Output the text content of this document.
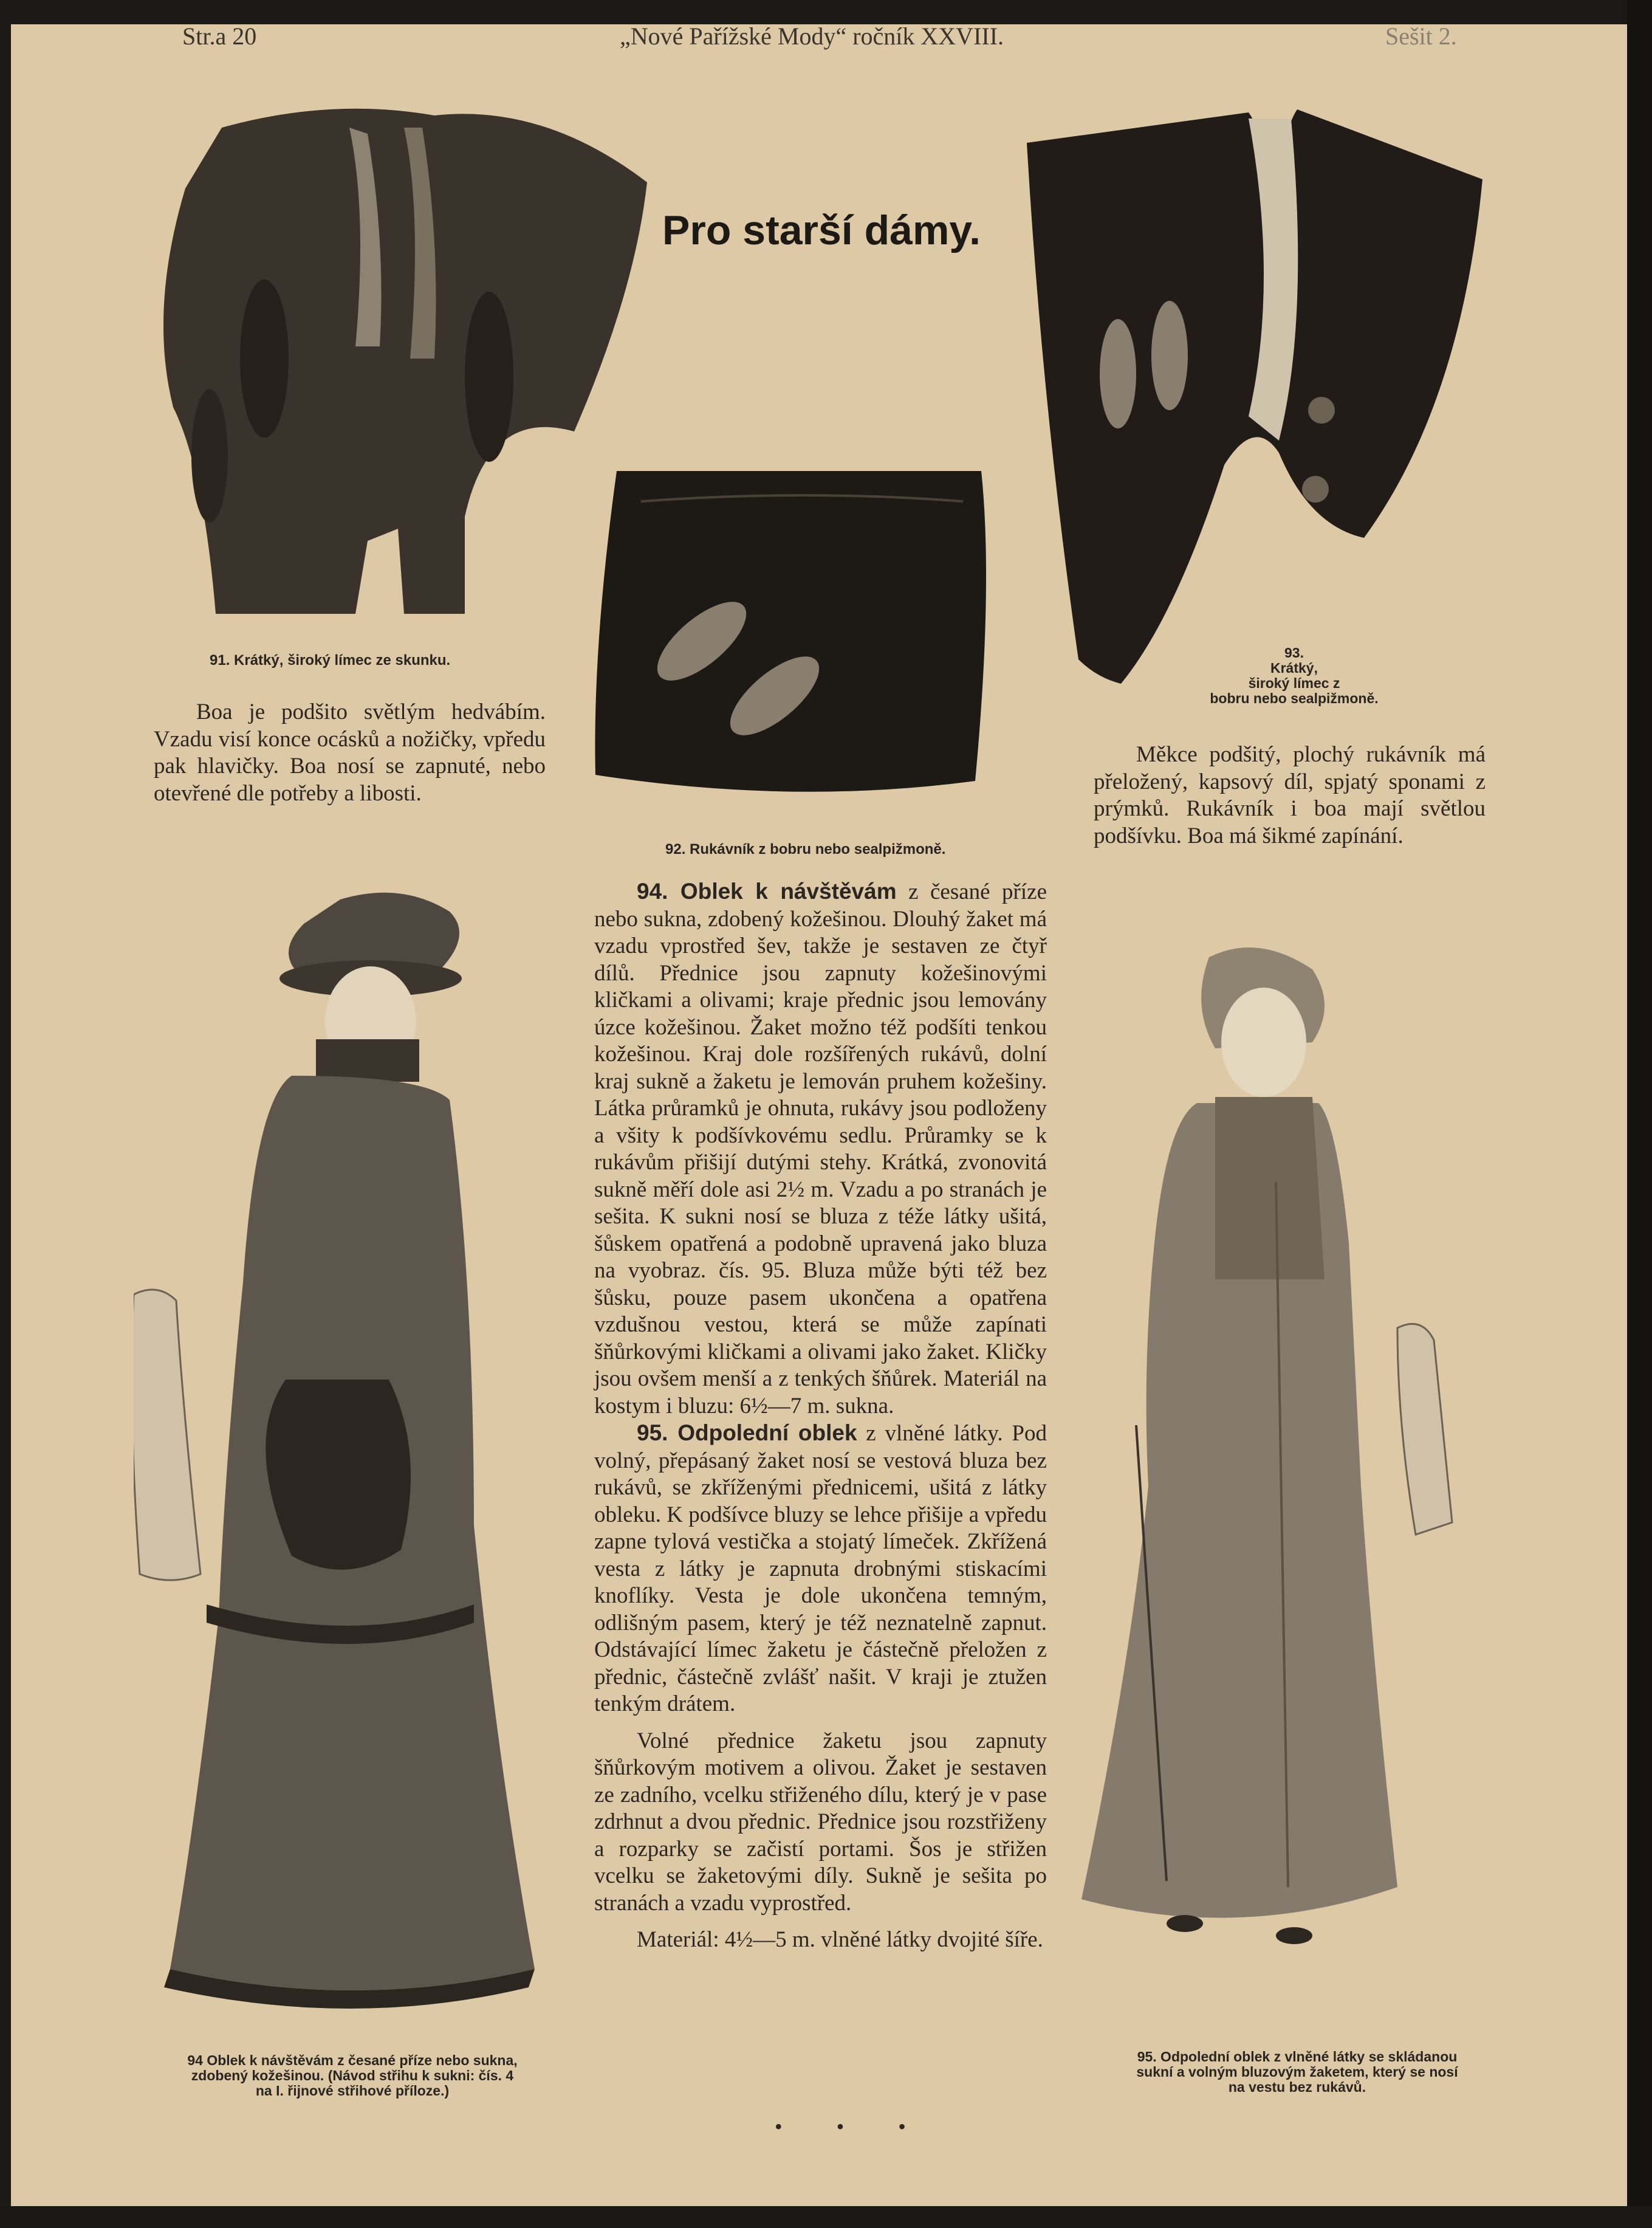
Str.a 20	„Nové Pařížské Mody“ ročník XXVIII.	Sešit 2.
Pro starší dámy.
91. Krátký, široký límec ze skunku.
92. Rukávník z bobru nebo sealpižmoně.
93.
Krátký,
široký límec z
bobru nebo sealpižmoně.

Boa je podšito světlým hedvábím. Vzadu visí konce ocásků a nožičky, vpředu pak hlavičky. Boa nosí se zapnuté, nebo otevřené dle potřeby a libosti.

Měkce podšitý, plochý rukávník má přeložený, kapsový díl, spjatý sponami z prýmků. Rukávník i boa mají světlou podšívku. Boa má šikmé zapínání.

94 Oblek k návštěvám z česané příze nebo sukna,
zdobený kožešinou. (Návod střihu k sukni: čís. 4
na I. řijnové střihové příloze.)

94. Oblek k návštěvám z česané příze nebo sukna, zdobený kožešinou. Dlouhý žaket má vzadu vprostřed šev, takže je sestaven ze čtyř dílů. Přednice jsou zapnuty kožešinovými kličkami a olivami; kraje přednic jsou lemovány úzce kožešinou. Žaket možno též podšíti tenkou kožešinou. Kraj dole rozšířených rukávů, dolní kraj sukně a žaketu je lemován pruhem kožešiny. Látka průramků je ohnuta, rukávy jsou podloženy a všity k podšívkovému sedlu. Průramky se k rukávům přišijí dutými stehy. Krátká, zvonovitá sukně měří dole asi 2½ m. Vzadu a po stranách je sešita. K sukni nosí se bluza z téže látky ušitá, šůskem opatřená a podobně upravená jako bluza na vyobraz. čís. 95. Bluza může býti též bez šůsku, pouze pasem ukončena a opatřena vzdušnou vestou, která se může zapínati šňůrkovými kličkami a olivami jako žaket. Kličky jsou ovšem menší a z tenkých šňůrek. Materiál na kostym i bluzu: 6½—7 m. sukna.

95. Odpolední oblek z vlněné látky. Pod volný, přepásaný žaket nosí se vestová bluza bez rukávů, se zkříženými přednicemi, ušitá z látky obleku. K podšívce bluzy se lehce přišije a vpředu zapne tylová vestička a stojatý límeček. Zkřížená vesta z látky je zapnuta drobnými stiskacími knoflíky. Vesta je dole ukončena temným, odlišným pasem, který je též neznatelně zapnut. Odstávající límec žaketu je částečně přeložen z přednic, částečně zvlášť našit. V kraji je ztužen tenkým drátem.

Volné přednice žaketu jsou zapnuty šňůrkovým motivem a olivou. Žaket je sestaven ze zadního, vcelku střiženého dílu, který je v pase zdrhnut a dvou přednic. Přednice jsou rozstřiženy a rozparky se začistí portami. Šos je střižen vcelku se žaketovými díly. Sukně je sešita po stranách a vzadu vyprostřed.

Materiál: 4½—5 m. vlněné látky dvojité šíře.

95. Odpolední oblek z vlněné látky se skládanou
sukní a volným bluzovým žaketem, který se nosí
na vestu bez rukávů.
• • •
